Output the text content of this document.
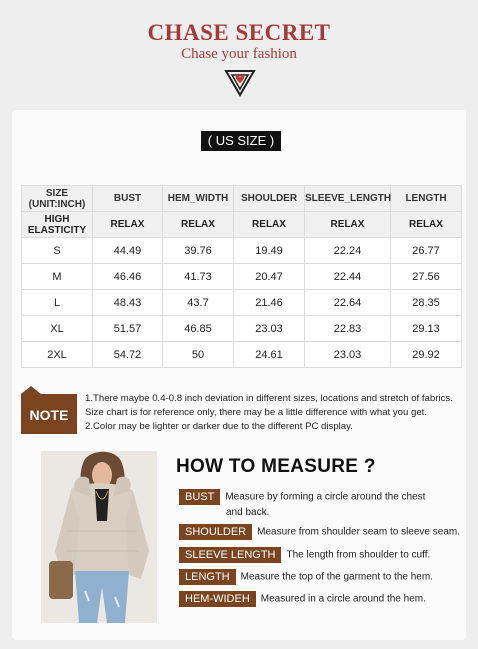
CHASE SECRET
Chase your fashion
( US SIZE )
SIZE (UNIT:INCH)	BUST	HEM_WIDTH	SHOULDER	SLEEVE_LENGTH	LENGTH
HIGH ELASTICITY	RELAX	RELAX	RELAX	RELAX	RELAX
S	44.49	39.76	19.49	22.24	26.77
M	46.46	41.73	20.47	22.44	27.56
L	48.43	43.7	21.46	22.64	28.35
XL	51.57	46.85	23.03	22.83	29.13
2XL	54.72	50	24.61	23.03	29.92
NOTE
1.There maybe 0.4-0.8 inch deviation in different sizes, locations and stretch of fabrics.
Size chart is for reference only, there may be a little difference with what you get.
2.Color may be lighter or darker due to the different PC display.
HOW TO MEASURE ?
BUST Measure by forming a circle around the chest
and back.
SHOULDER Measure from shoulder seam to sleeve seam.
SLEEVE LENGTH The length from shoulder to cuff.
LENGTH Measure the top of the garment to the hem.
HEM-WIDEH Measured in a circle around the hem.
